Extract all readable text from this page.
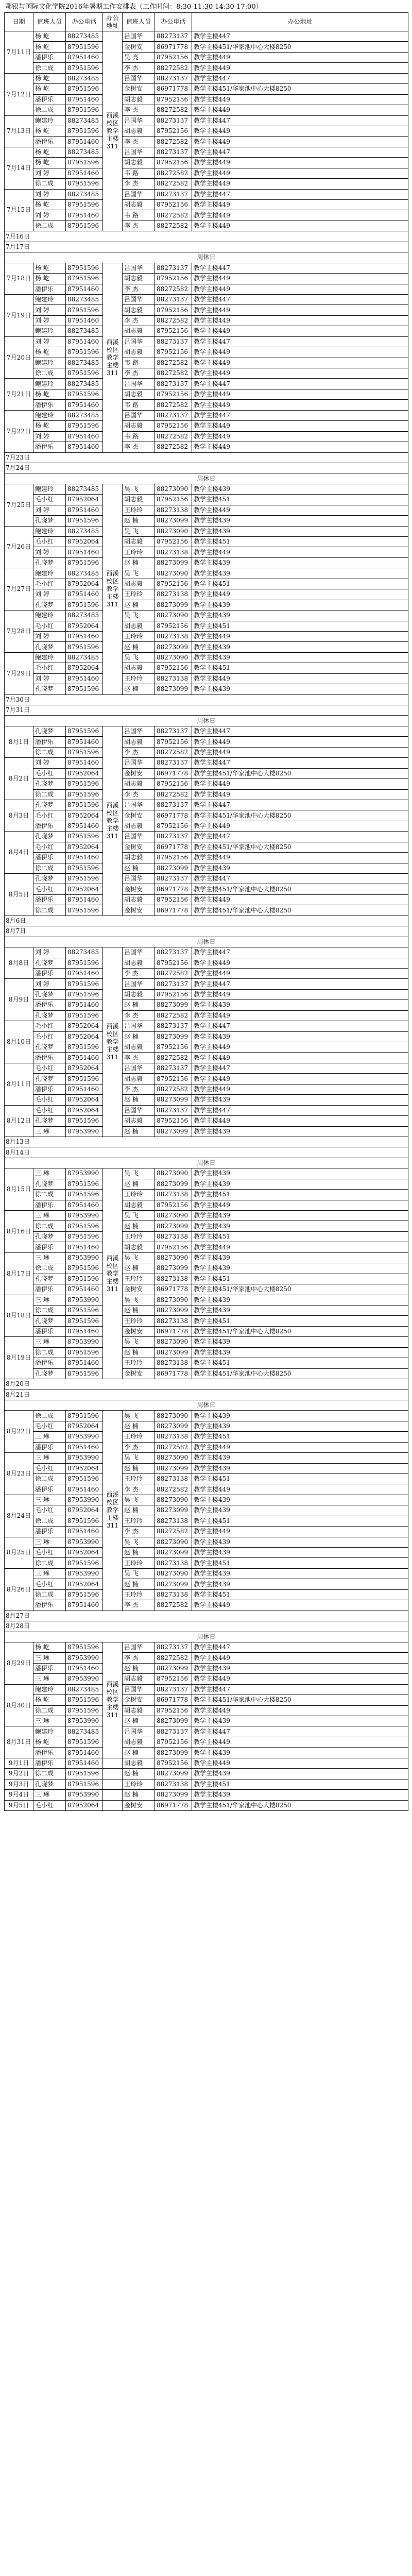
鄂银与国际文化学院2016年暑期工作安排表（工作时间：8:30-11:30 14:30-17:00）
日期	值班人员	办公电话	办公地址	值班人员	办公电话	办公地址
7月11日	杨 屹	88273485	西溪校区教学主楼311	吕国华	88273137	教学主楼447
	杨 屹	87951596		金树安	86971778	教学主楼451/华家池中心大楼8250
	潘伊乐	87951460		吴 亮	87952156	教学主楼449
	徐二成	87951596		李 杰	88272582	教学主楼449
7月12日	杨 屹	88273485		吕国华	88273137	教学主楼447
	杨 屹	87951596		金树安	86971778	教学主楼451/华家池中心大楼8250
	潘伊乐	87951460		胡志毅	87952156	教学主楼449
	徐二成	87951596		李 杰	88272582	教学主楼449
7月13日	鲍建玲	88273485		吕国华	88273137	教学主楼447
	杨 屹	87951596		胡志毅	87952156	教学主楼449
	潘伊乐	87951460		李 杰	88272582	教学主楼449
7月14日	杨 屹	88273485		吕国华	88273137	教学主楼447
	杨 屹	87951596		胡志毅	87952156	教学主楼449
	刘 婷	87951460		韦 路	88272582	教学主楼449
	徐二成	87951596		李 杰	88272582	教学主楼449
7月15日	刘 婷	88273485		吕国华	88273137	教学主楼447
	杨 屹	87951596		胡志毅	87952156	教学主楼449
	刘 婷	87951460		韦 路	88272582	教学主楼449
	徐二成	87951596		李 杰	88272582	教学主楼449
7月16日						
7月17日						
周休日						
7月18日	杨 屹	87951596	西溪校区教学主楼311	吕国华	88273137	教学主楼447
	杨 屹	87951596		胡志毅	87952156	教学主楼449
	潘伊乐	87951460		李 杰	88272582	教学主楼449
7月19日	鲍建玲	88273485		吕国华	88273137	教学主楼447
	刘 婷	87951596		胡志毅	87952156	教学主楼449
	刘 婷	87951460		李 杰	88272582	教学主楼449
	鲍建玲	88273485		胡志毅	87952156	教学主楼449
7月20日	刘 婷	87951460		吕国华	88273137	教学主楼447
	杨 屹	87951596		胡志毅	87952156	教学主楼449
	鲍建玲	88273485		韦 路	88272582	教学主楼449
	徐二成	87951596		李 杰	88272582	教学主楼449
7月21日	鲍建玲	88273485		吕国华	88273137	教学主楼447
	杨 屹	87951596		胡志毅	87952156	教学主楼449
	潘伊乐	87951460		韦 路	88272582	教学主楼449
7月22日	鲍建玲	88273485		吕国华	88273137	教学主楼447
	杨 屹	87951596		胡志毅	87952156	教学主楼449
	刘 婷	87951460		韦 路	88272582	教学主楼449
	潘伊乐	87951460		李 杰	88272582	教学主楼449
7月23日						
7月24日						
周休日						
7月25日	鲍建玲	88273485	西溪校区教学主楼311	吴 飞	88273090	教学主楼439
	毛小红	87952064		胡志毅	87952156	教学主楼451
	刘 婷	87951460		王玲玲	88273138	教学主楼449
	孔晓梦	87951596		赵 楠	88273099	教学主楼439
7月26日	鲍建玲	88273485		吴 飞	88273090	教学主楼439
	毛小红	87952064		胡志毅	87952156	教学主楼451
	刘 婷	87951460		王玲玲	88273138	教学主楼449
	孔晓梦	87951596		赵 楠	88273099	教学主楼439
7月27日	鲍建玲	88273485		吴 飞	88273090	教学主楼439
	毛小红	87952064		胡志毅	87952156	教学主楼451
	刘 婷	87951460		王玲玲	88273138	教学主楼449
	孔晓梦	87951596		赵 楠	88273099	教学主楼439
7月28日	鲍建玲	88273485		吴 飞	88273090	教学主楼439
	毛小红	87952064		胡志毅	87952156	教学主楼451
	刘 婷	87951460		王玲玲	88273138	教学主楼449
	孔晓梦	87951596		赵 楠	88273099	教学主楼439
7月29日	鲍建玲	88273485		吴 飞	88273090	教学主楼439
	毛小红	87952064		胡志毅	87952156	教学主楼451
	刘 婷	87951460		王玲玲	88273138	教学主楼449
	孔晓梦	87951596		赵 楠	88273099	教学主楼439
7月30日						
7月31日						
周休日						
8月1日	孔晓梦	87951596	西溪校区教学主楼311	吕国华	88273137	教学主楼447
	潘伊乐	87951460		胡志毅	87952156	教学主楼449
	徐二成	87951596		李 杰	88272582	教学主楼449
8月2日	刘 婷	87951460		吕国华	88273137	教学主楼447
	毛小红	87952064		金树安	86971778	教学主楼451/华家池中心大楼8250
	孔晓梦	87951596		胡志毅	87952156	教学主楼449
	徐二成	87951596		李 杰	88272582	教学主楼449
8月3日	孔晓梦	87951596		吕国华	88273137	教学主楼447
	毛小红	87952064		金树安	86971778	教学主楼451/华家池中心大楼8250
	潘伊乐	87951460		胡志毅	87952156	教学主楼449
8月4日	孔晓梦	87951596		吕国华	88273137	教学主楼447
	毛小红	87952064		金树安	86971778	教学主楼451/华家池中心大楼8250
	潘伊乐	87951460		胡志毅	87952156	教学主楼449
	徐二成	87951596		赵 楠	88273099	教学主楼439
8月5日	孔晓梦	87951596		吕国华	88273137	教学主楼447
	毛小红	87952064		金树安	86971778	教学主楼451/华家池中心大楼8250
	潘伊乐	87951460		胡志毅	87952156	教学主楼449
	徐二成	87951596		金树安	86971778	教学主楼451/华家池中心大楼8250
8月6日						
8月7日						
周休日						
8月8日	刘 婷	88273485	西溪校区教学主楼311	吕国华	88273137	教学主楼447
	孔晓梦	87951596		胡志毅	87952156	教学主楼449
	潘伊乐	87951460		李 杰	88272582	教学主楼449
8月9日	刘 婷	87951596		吕国华	88273137	教学主楼447
	孔晓梦	87951596		胡志毅	87952156	教学主楼449
	潘伊乐	87951460		赵 楠	88273099	教学主楼439
	孔晓梦	87951596		李 杰	88272582	教学主楼449
8月10日	毛小红	87952064		吕国华	88273137	教学主楼447
	毛小红	87952064		赵 楠	88273099	教学主楼439
	孔晓梦	87951596		胡志毅	87952156	教学主楼449
	潘伊乐	87951460		李 杰	88272582	教学主楼449
8月11日	毛小红	87952064		吕国华	88273137	教学主楼447
	孔晓梦	87951596		胡志毅	87952156	教学主楼449
	潘伊乐	87951460		李 杰	88272582	教学主楼449
	毛小红	87952064		赵 楠	88273099	教学主楼439
8月12日	毛小红	87952064		吕国华	88273137	教学主楼447
	孔晓梦	87951596		胡志毅	87952156	教学主楼449
	三 琳	87953990		赵 楠	88273099	教学主楼439
8月13日						
8月14日						
周休日						
8月15日	三 琳	87953990	西溪校区教学主楼311	吴 飞	88273090	教学主楼439
	孔晓梦	87951596		赵 楠	88273099	教学主楼439
	徐二成	87951596		王玲玲	88273138	教学主楼451
	潘伊乐	87951460		胡志毅	87952156	教学主楼449
8月16日	三 琳	87953990		吴 飞	88273090	教学主楼439
	徐二成	87951596		赵 楠	88273099	教学主楼439
	孔晓梦	87951596		王玲玲	88273138	教学主楼451
	潘伊乐	87951460		胡志毅	87952156	教学主楼449
8月17日	三 琳	87953990		吴 飞	88273090	教学主楼439
	徐二成	87951596		赵 楠	88273099	教学主楼439
	孔晓梦	87951596		王玲玲	88273138	教学主楼451
	潘伊乐	87951460		金树安	86971778	教学主楼451/华家池中心大楼8250
8月18日	三 琳	87953990		吴 飞	88273090	教学主楼439
	徐二成	87951596		赵 楠	88273099	教学主楼439
	孔晓梦	87951596		王玲玲	88273138	教学主楼451
	潘伊乐	87951460		金树安	86971778	教学主楼451/华家池中心大楼8250
8月19日	三 琳	87953990		吴 飞	88273090	教学主楼439
	徐二成	87951596		赵 楠	88273099	教学主楼439
	潘伊乐	87951460		王玲玲	88273138	教学主楼451
	孔晓梦	87951596		金树安	86971778	教学主楼451/华家池中心大楼8250
8月20日						
8月21日						
周休日						
8月22日	徐二成	87951596	西溪校区教学主楼311	吴 飞	88273090	教学主楼439
	毛小红	87952064		赵 楠	88273099	教学主楼439
	三 琳	87953990		王玲玲	88273138	教学主楼451
	潘伊乐	87951460		李 杰	88272582	教学主楼449
8月23日	三 琳	87953990		吴 飞	88273090	教学主楼439
	毛小红	87952064		赵 楠	88273099	教学主楼439
	徐二成	87951596		王玲玲	88273138	教学主楼451
	潘伊乐	87951460		李 杰	88272582	教学主楼449
8月24日	三 琳	87953990		吴 飞	88273090	教学主楼439
	毛小红	87952064		赵 楠	88273099	教学主楼439
	徐二成	87951596		王玲玲	88273138	教学主楼451
	潘伊乐	87951460		李 杰	88272582	教学主楼449
8月25日	三 琳	87953990		吴 飞	88273090	教学主楼439
	毛小红	87952064		赵 楠	88273099	教学主楼439
	徐二成	87951596		王玲玲	88273138	教学主楼451
8月26日	三 琳	87953990		吴 飞	88273090	教学主楼439
	毛小红	87952064		赵 楠	88273099	教学主楼439
	徐二成	87951596		王玲玲	88273138	教学主楼451
	潘伊乐	87951460		李 杰	88272582	教学主楼449
8月27日						
8月28日						
周休日						
8月29日	杨 屹	87951596	西溪校区教学主楼311	吕国华	88273137	教学主楼447
	三 琳	87953990		李 杰	88272582	教学主楼449
	潘伊乐	87951460		赵 楠	88273099	教学主楼439
	三 琳	87953990		胡志毅	87952156	教学主楼449
8月30日	鲍建玲	88273485		吕国华	88273137	教学主楼447
	杨 屹	87951596		金树安	86971778	教学主楼451/华家池中心大楼8250
	徐二成	87951596		胡志毅	87952156	教学主楼449
	三 琳	87953990		赵 楠	88273099	教学主楼439
8月31日	鲍建玲	88273485		吕国华	88273137	教学主楼447
	杨 屹	87951596		胡志毅	87952156	教学主楼449
	潘伊乐	87951460		赵 楠	88273099	教学主楼439
9月1日	潘伊乐	87951460		胡志毅	87952156	教学主楼449
9月2日	徐二成	87951596		赵 楠	88273099	教学主楼439
9月3日	孔晓梦	87951596		王玲玲	88273138	教学主楼451
9月4日	三 琳	87953990		赵 楠	88273099	教学主楼439
9月5日	毛小红	87952064		金树安	86971778	教学主楼451/华家池中心大楼8250
